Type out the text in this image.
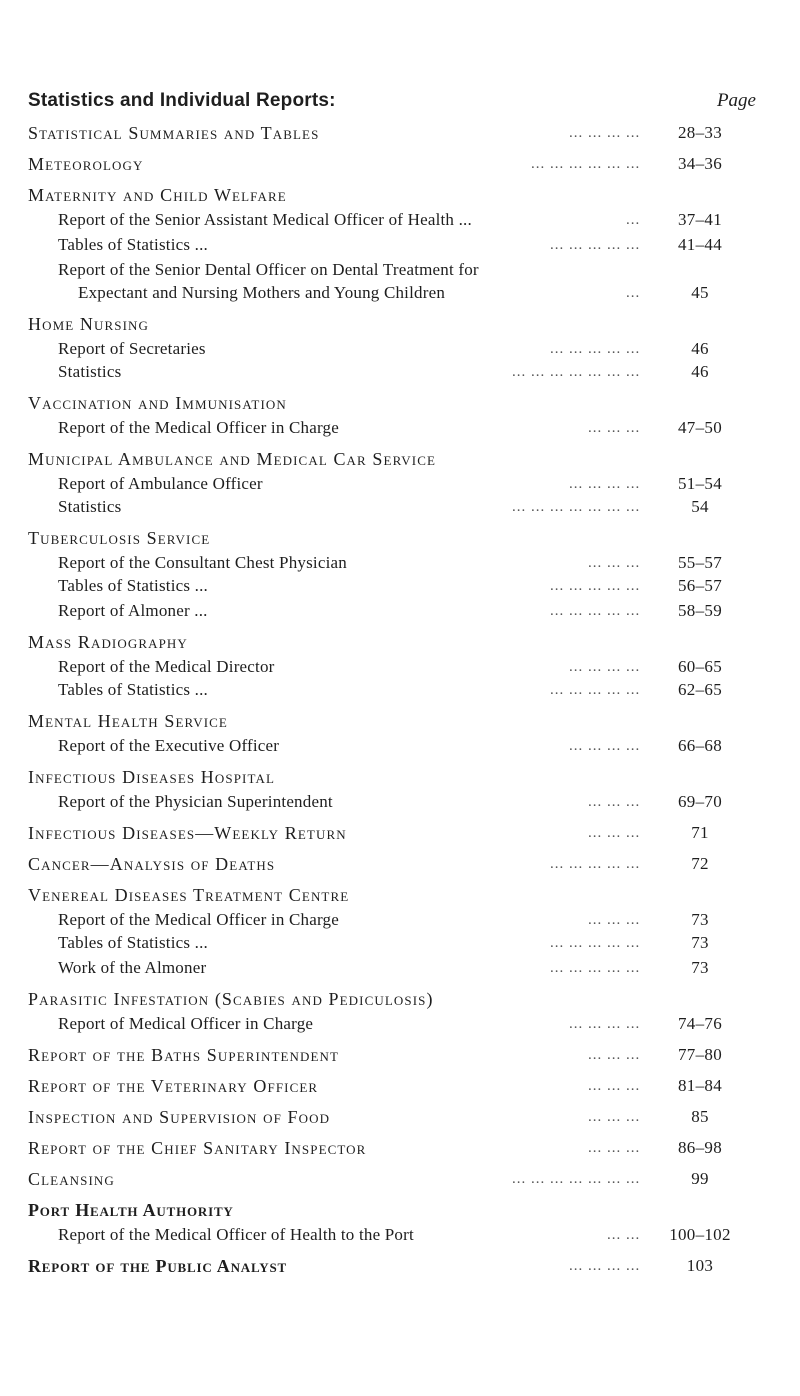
Statistics and Individual Reports:	Page
Statistical Summaries and Tables	... ... ... ...	28–33
Meteorology	... ... ... ... ... ...	34–36
Maternity and Child Welfare
Report of the Senior Assistant Medical Officer of Health ...	...	37–41
Tables of Statistics ...	... ... ... ... ...	41–44
Report of the Senior Dental Officer on Dental Treatment for
Expectant and Nursing Mothers and Young Children	...	45
Home Nursing
Report of Secretaries	... ... ... ... ...	46
Statistics	... ... ... ... ... ... ...	46
Vaccination and Immunisation
Report of the Medical Officer in Charge	... ... ...	47–50
Municipal Ambulance and Medical Car Service
Report of Ambulance Officer	... ... ... ...	51–54
Statistics	... ... ... ... ... ... ...	54
Tuberculosis Service
Report of the Consultant Chest Physician	... ... ...	55–57
Tables of Statistics ...	... ... ... ... ...	56–57
Report of Almoner ...	... ... ... ... ...	58–59
Mass Radiography
Report of the Medical Director	... ... ... ...	60–65
Tables of Statistics ...	... ... ... ... ...	62–65
Mental Health Service
Report of the Executive Officer	... ... ... ...	66–68
Infectious Diseases Hospital
Report of the Physician Superintendent	... ... ...	69–70
Infectious Diseases—Weekly Return	... ... ...	71
Cancer—Analysis of Deaths	... ... ... ... ...	72
Venereal Diseases Treatment Centre
Report of the Medical Officer in Charge	... ... ...	73
Tables of Statistics ...	... ... ... ... ...	73
Work of the Almoner	... ... ... ... ...	73
Parasitic Infestation (Scabies and Pediculosis)
Report of Medical Officer in Charge	... ... ... ...	74–76
Report of the Baths Superintendent	... ... ...	77–80
Report of the Veterinary Officer	... ... ...	81–84
Inspection and Supervision of Food	... ... ...	85
Report of the Chief Sanitary Inspector	... ... ...	86–98
Cleansing	... ... ... ... ... ... ...	99
Port Health Authority
Report of the Medical Officer of Health to the Port	... ...	100–102
Report of the Public Analyst	... ... ... ...	103
